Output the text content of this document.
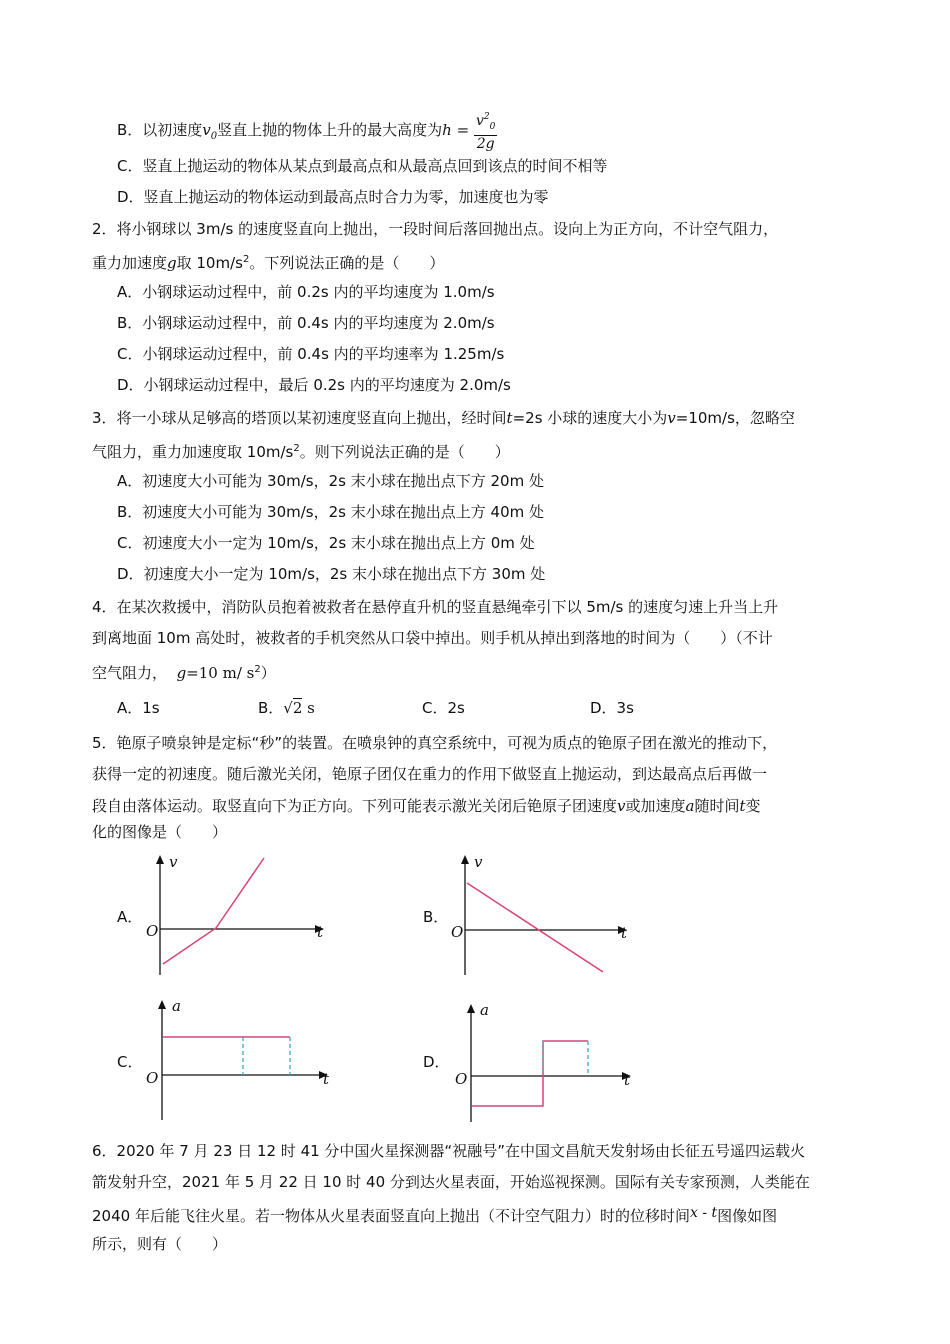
B．以初速度$v_0$竖直上抛的物体上升的最大高度为$h = \frac{v^2_0}{2g}$
C．竖直上抛运动的物体从某点到最高点和从最高点回到该点的时间不相等
D．竖直上抛运动的物体运动到最高点时合力为零，加速度也为零
2．将小钢球以 3m/s 的速度竖直向上抛出，一段时间后落回抛出点。设向上为正方向，不计空气阻力，
重力加速度g取 $10m/s^2$。下列说法正确的是（　　）
A．小钢球运动过程中，前 0.2s 内的平均速度为 1.0m/s
B．小钢球运动过程中，前 0.4s 内的平均速度为 2.0m/s
C．小钢球运动过程中，前 0.4s 内的平均速率为 1.25m/s
D．小钢球运动过程中，最后 0.2s 内的平均速度为 2.0m/s
3．将一小球从足够高的塔顶以某初速度竖直向上抛出，经时间t=2s 小球的速度大小为v=10m/s，忽略空
气阻力，重力加速度取 $10m/s^2$。则下列说法正确的是（　　）
A．初速度大小可能为 30m/s，2s 末小球在抛出点下方 20m 处
B．初速度大小可能为 30m/s，2s 末小球在抛出点上方 40m 处
C．初速度大小一定为 10m/s，2s 末小球在抛出点上方 0m 处
D．初速度大小一定为 10m/s，2s 末小球在抛出点下方 30m 处
4．在某次救援中，消防队员抱着被救者在悬停直升机的竖直悬绳牵引下以 5m/s 的速度匀速上升当上升
到离地面 10m 高处时，被救者的手机突然从口袋中掉出。则手机从掉出到落地的时间为（　　）（不计
空气阻力， g=10 m/ $s^2$）
A．1s	B．√2 s	C．2s	D．3s
5．铯原子喷泉钟是定标“秒”的装置。在喷泉钟的真空系统中，可视为质点的铯原子团在激光的推动下，
获得一定的初速度。随后激光关闭，铯原子团仅在重力的作用下做竖直上抛运动，到达最高点后再做一
段自由落体运动。取竖直向下为正方向。下列可能表示激光关闭后铯原子团速度v或加速度a随时间t变
化的图像是（　　）
A．	B．
C．	D．
v
t
O
v
t
O
a
t
O
a
t
O
6．2020 年 7 月 23 日 12 时 41 分中国火星探测器“祝融号”在中国文昌航天发射场由长征五号遥四运载火
箭发射升空，2021 年 5 月 22 日 10 时 40 分到达火星表面，开始巡视探测。国际有关专家预测，人类能在
2040 年后能飞往火星。若一物体从火星表面竖直向上抛出（不计空气阻力）时的位移时间x - t图像如图
所示，则有（　　）
